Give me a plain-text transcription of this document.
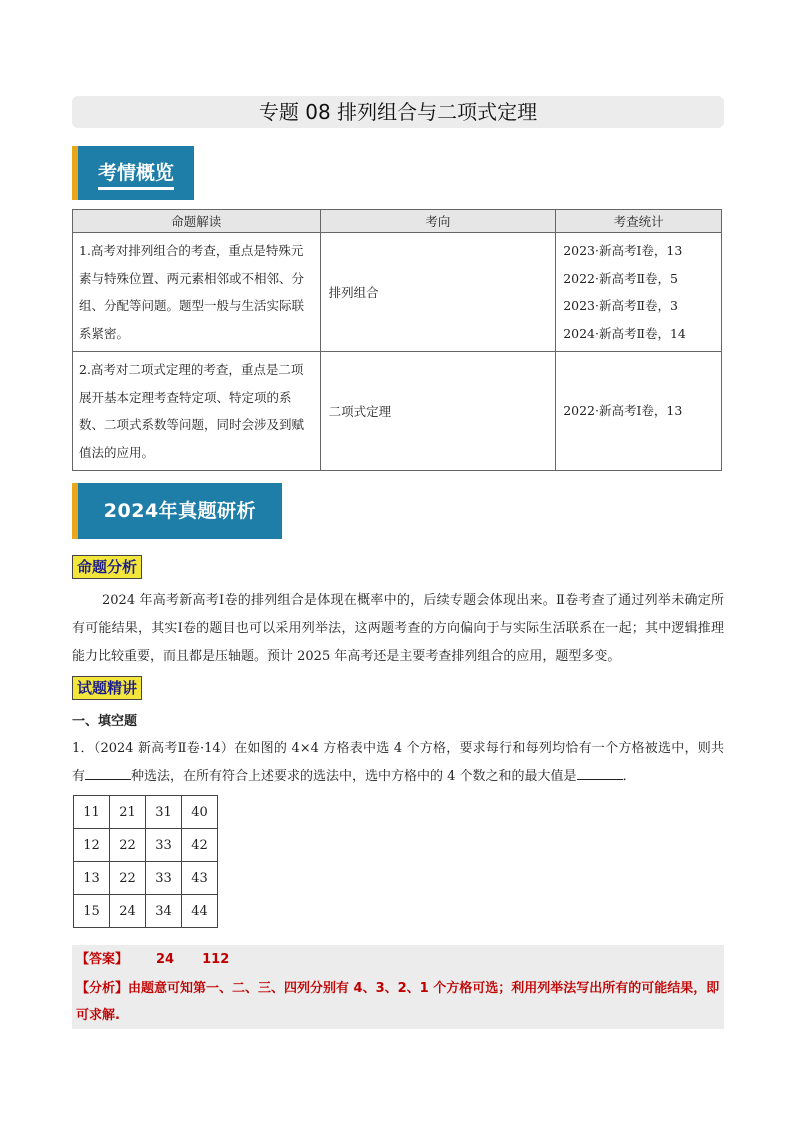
专题 08 排列组合与二项式定理
考情概览
命题解读	考向	考查统计
1.高考对排列组合的考查，重点是特殊元素与特殊位置、两元素相邻或不相邻、分组、分配等问题。题型一般与生活实际联系紧密。	排列组合	2023·新高考Ⅰ卷，13
2022·新高考Ⅱ卷，5
2023·新高考Ⅱ卷，3
2024·新高考Ⅱ卷，14

2.高考对二项式定理的考查，重点是二项展开基本定理考查特定项、特定项的系数、二项式系数等问题，同时会涉及到赋值法的应用。	二项式定理	2022·新高考Ⅰ卷，13
2024年真题研析
命题分析
2024 年高考新高考Ⅰ卷的排列组合是体现在概率中的，后续专题会体现出来。Ⅱ卷考查了通过列举未确定所有可能结果，其实Ⅰ卷的题目也可以采用列举法，这两题考查的方向偏向于与实际生活联系在一起；其中逻辑推理能力比较重要，而且都是压轴题。预计 2025 年高考还是主要考查排列组合的应用，题型多变。
试题精讲
一、填空题
1．（2024 新高考Ⅱ卷·14）在如图的 4×4 方格表中选 4 个方格，要求每行和每列均恰有一个方格被选中，则共有	种选法，在所有符合上述要求的选法中，选中方格中的 4 个数之和的最大值是	．
11	21	31	40
12	22	33	42
13	22	33	43
15	24	34	44
【答案】 24 112
【分析】由题意可知第一、二、三、四列分别有 4、3、2、1 个方格可选；利用列举法写出所有的可能结果，即可求解.
